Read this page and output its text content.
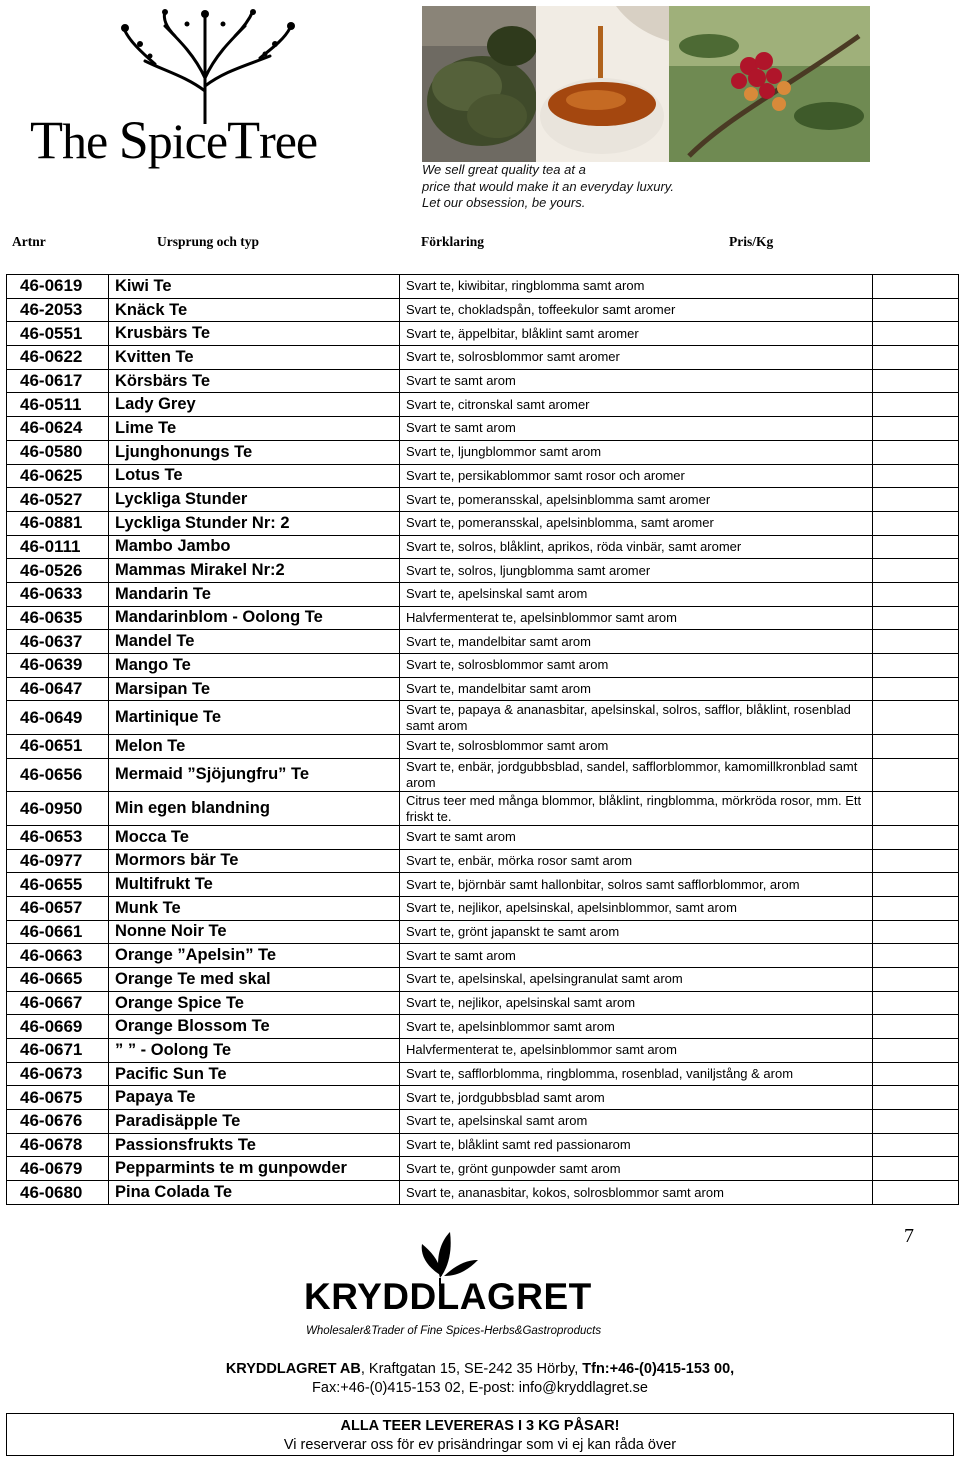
The SpiceTree
We sell great quality tea at a
price that would make it an everyday luxury.
Let our obsession, be yours.
Artnr	Ursprung och typ	Förklaring	Pris/Kg
46-0619	Kiwi Te	Svart te, kiwibitar, ringblomma samt arom	
46-2053	Knäck Te	Svart te, chokladspån, toffeekulor samt aromer	
46-0551	Krusbärs Te	Svart te, äppelbitar, blåklint samt aromer	
46-0622	Kvitten Te	Svart te, solrosblommor samt aromer	
46-0617	Körsbärs Te	Svart te samt arom	
46-0511	Lady Grey	Svart te, citronskal samt aromer	
46-0624	Lime Te	Svart te samt arom	
46-0580	Ljunghonungs Te	Svart te, ljungblommor samt arom	
46-0625	Lotus Te	Svart te, persikablommor samt rosor och aromer	
46-0527	Lyckliga Stunder	Svart te, pomeransskal, apelsinblomma samt aromer	
46-0881	Lyckliga Stunder Nr: 2	Svart te, pomeransskal, apelsinblomma, samt aromer	
46-0111	Mambo Jambo	Svart te, solros, blåklint, aprikos, röda vinbär, samt aromer	
46-0526	Mammas Mirakel Nr:2	Svart te, solros, ljungblomma samt aromer	
46-0633	Mandarin Te	Svart te, apelsinskal samt arom	
46-0635	Mandarinblom - Oolong Te	Halvfermenterat te, apelsinblommor samt arom	
46-0637	Mandel Te	Svart te, mandelbitar samt arom	
46-0639	Mango Te	Svart te, solrosblommor samt arom	
46-0647	Marsipan Te	Svart te, mandelbitar samt arom	
46-0649	Martinique Te	Svart te, papaya & ananasbitar, apelsinskal, solros, safflor, blåklint, rosenblad samt arom	
46-0651	Melon Te	Svart te, solrosblommor samt arom	
46-0656	Mermaid ”Sjöjungfru” Te	Svart te, enbär, jordgubbsblad, sandel, safflorblommor, kamomillkronblad samt arom	
46-0950	Min egen blandning	Citrus teer med många blommor, blåklint, ringblomma, mörkröda rosor, mm. Ett friskt te.	
46-0653	Mocca Te	Svart te samt arom	
46-0977	Mormors bär Te	Svart te, enbär, mörka rosor samt arom	
46-0655	Multifrukt Te	Svart te, björnbär samt hallonbitar, solros samt safflorblommor, arom	
46-0657	Munk Te	Svart te, nejlikor, apelsinskal, apelsinblommor, samt arom	
46-0661	Nonne Noir Te	Svart te, grönt japanskt te samt arom	
46-0663	Orange ”Apelsin” Te	Svart te samt arom	
46-0665	Orange Te med skal	Svart te, apelsinskal, apelsingranulat samt arom	
46-0667	Orange Spice Te	Svart te, nejlikor, apelsinskal samt arom	
46-0669	Orange Blossom Te	Svart te, apelsinblommor samt arom	
46-0671	” ” - Oolong Te	Halvfermenterat te, apelsinblommor samt arom	
46-0673	Pacific Sun Te	Svart te, safflorblomma, ringblomma, rosenblad, vaniljstång & arom	
46-0675	Papaya Te	Svart te, jordgubbsblad samt arom	
46-0676	Paradisäpple Te	Svart te, apelsinskal samt arom	
46-0678	Passionsfrukts Te	Svart te, blåklint samt red passionarom	
46-0679	Pepparmints te m gunpowder	Svart te, grönt gunpowder samt arom	
46-0680	Pina Colada Te	Svart te, ananasbitar, kokos, solrosblommor samt arom	
7
KRYDDLAGRET
Wholesaler&Trader of Fine Spices-Herbs&Gastroproducts
KRYDDLAGRET AB, Kraftgatan 15, SE-242 35 Hörby, Tfn:+46-(0)415-153 00,
Fax:+46-(0)415-153 02, E-post: info@kryddlagret.se
ALLA TEER LEVERERAS I 3 KG PÅSAR!
Vi reserverar oss för ev prisändringar som vi ej kan råda över
